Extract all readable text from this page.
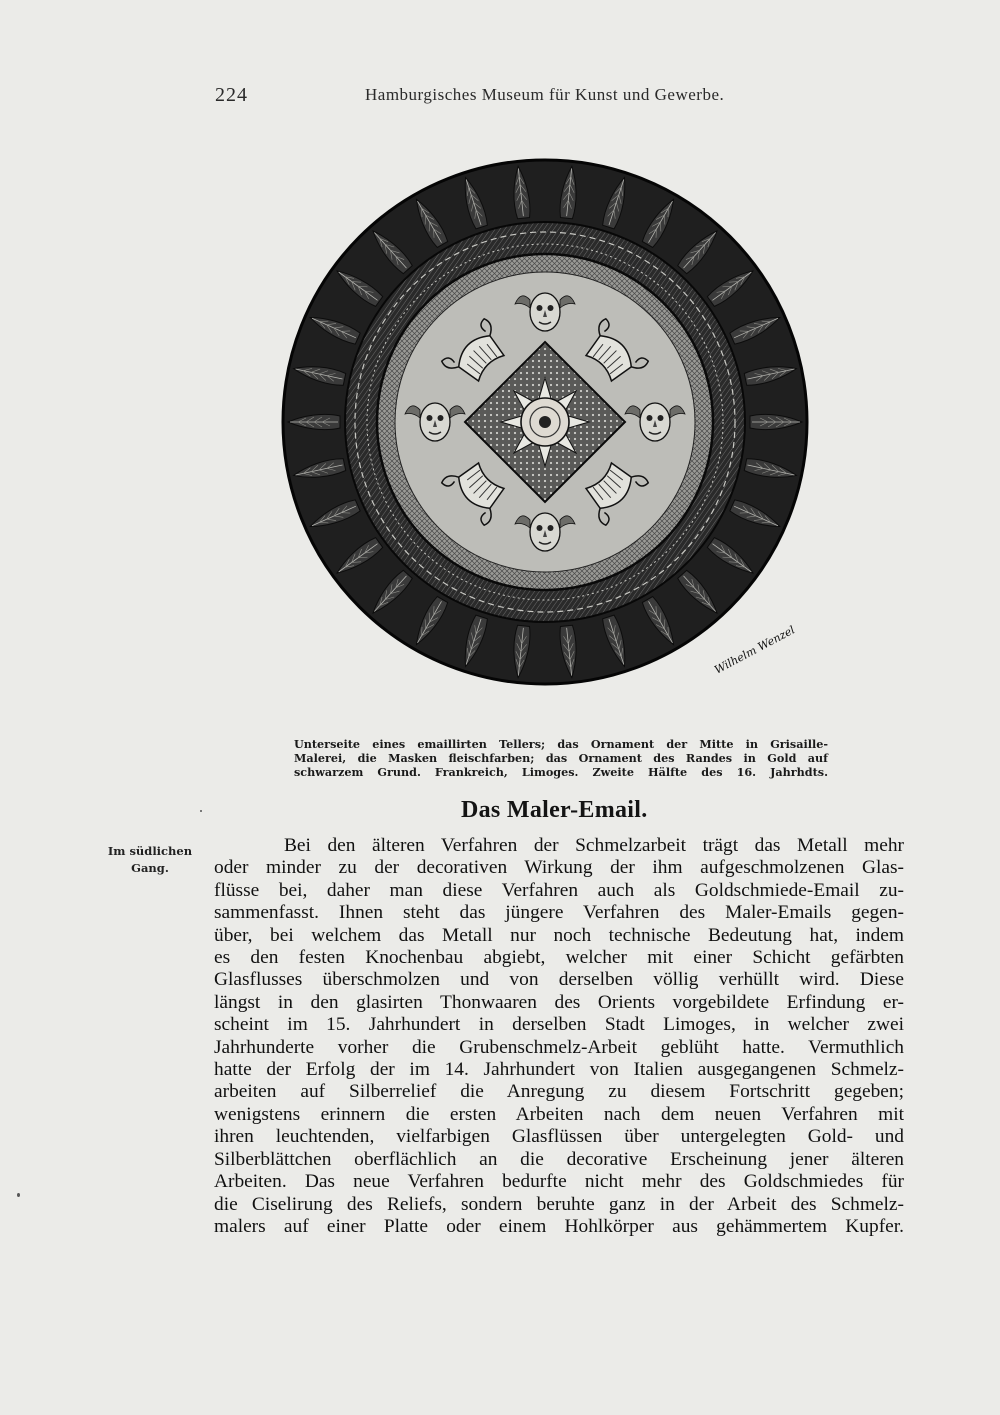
224	Hamburgisches Museum für Kunst und Gewerbe.
Wilhelm Wenzel
Unterseite eines emaillirten Tellers; das Ornament der Mitte in Grisaille-
Malerei, die Masken fleischfarben; das Ornament des Randes in Gold auf
schwarzem Grund. Frankreich, Limoges. Zweite Hälfte des 16. Jahrhdts.
Das Maler-Email.
Im südlichen
Gang.
Bei den älteren Verfahren der Schmelzarbeit trägt das Metall mehr
oder minder zu der decorativen Wirkung der ihm aufgeschmolzenen Glas-
flüsse bei, daher man diese Verfahren auch als Goldschmiede-Email zu-
sammenfasst. Ihnen steht das jüngere Verfahren des Maler-Emails gegen-
über, bei welchem das Metall nur noch technische Bedeutung hat, indem
es den festen Knochenbau abgiebt, welcher mit einer Schicht gefärbten
Glasflusses überschmolzen und von derselben völlig verhüllt wird. Diese
längst in den glasirten Thonwaaren des Orients vorgebildete Erfindung er-
scheint im 15. Jahrhundert in derselben Stadt Limoges, in welcher zwei
Jahrhunderte vorher die Grubenschmelz-Arbeit geblüht hatte. Vermuthlich
hatte der Erfolg der im 14. Jahrhundert von Italien ausgegangenen Schmelz-
arbeiten auf Silberrelief die Anregung zu diesem Fortschritt gegeben;
wenigstens erinnern die ersten Arbeiten nach dem neuen Verfahren mit
ihren leuchtenden, vielfarbigen Glasflüssen über untergelegten Gold- und
Silberblättchen oberflächlich an die decorative Erscheinung jener älteren
Arbeiten. Das neue Verfahren bedurfte nicht mehr des Goldschmiedes für
die Ciselirung des Reliefs, sondern beruhte ganz in der Arbeit des Schmelz-
malers auf einer Platte oder einem Hohlkörper aus gehämmertem Kupfer.
